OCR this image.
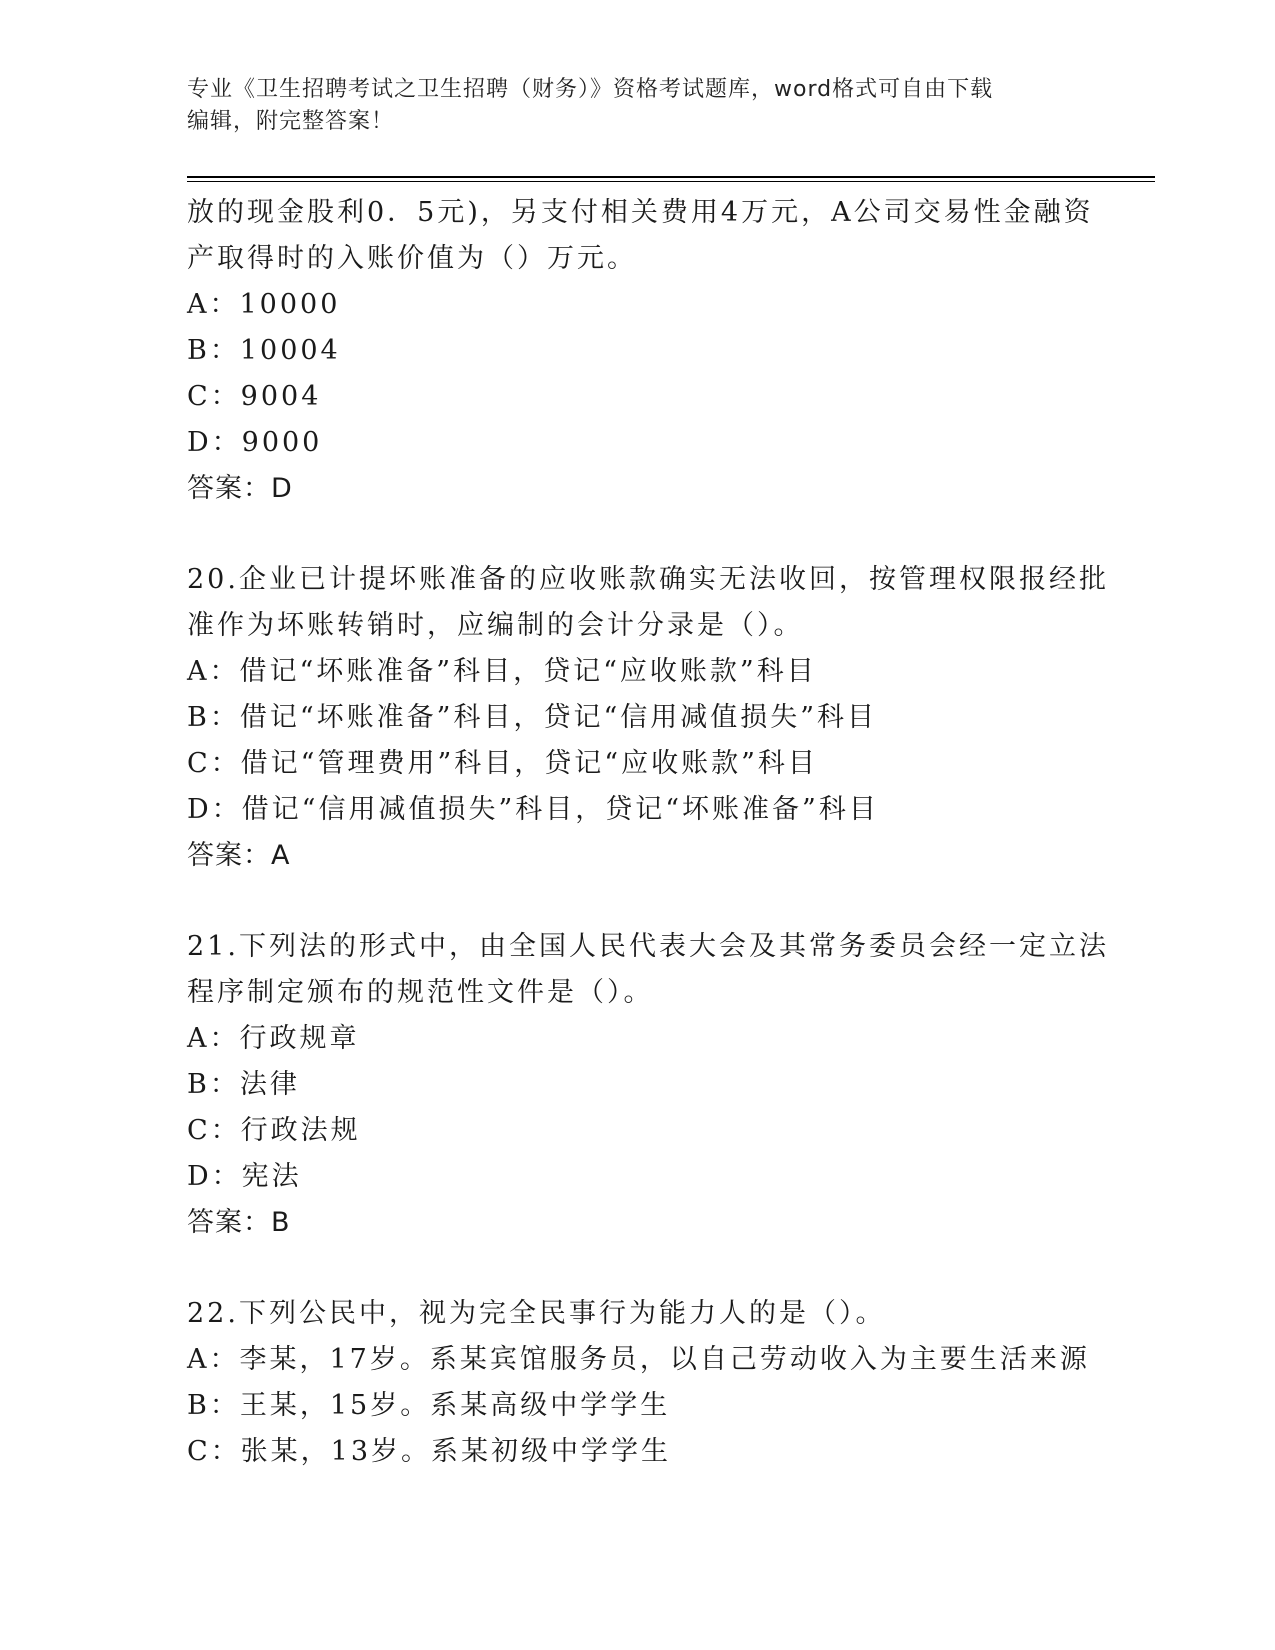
专业《卫生招聘考试之卫生招聘（财务）》资格考试题库，word格式可自由下载
编辑，附完整答案！
放的现金股利0．5元)，另支付相关费用4万元，A公司交易性金融资
产取得时的入账价值为（）万元。
A：10000
B：10004
C：9004
D：9000
答案：D
20.企业已计提坏账准备的应收账款确实无法收回，按管理权限报经批
准作为坏账转销时，应编制的会计分录是（）。
A：借记“坏账准备”科目，贷记“应收账款”科目
B：借记“坏账准备”科目，贷记“信用减值损失”科目
C：借记“管理费用”科目，贷记“应收账款”科目
D：借记“信用减值损失”科目，贷记“坏账准备”科目
答案：A
21.下列法的形式中，由全国人民代表大会及其常务委员会经一定立法
程序制定颁布的规范性文件是（）。
A：行政规章
B：法律
C：行政法规
D：宪法
答案：B
22.下列公民中，视为完全民事行为能力人的是（）。
A：李某，17岁。系某宾馆服务员，以自己劳动收入为主要生活来源
B：王某，15岁。系某高级中学学生
C：张某，13岁。系某初级中学学生
